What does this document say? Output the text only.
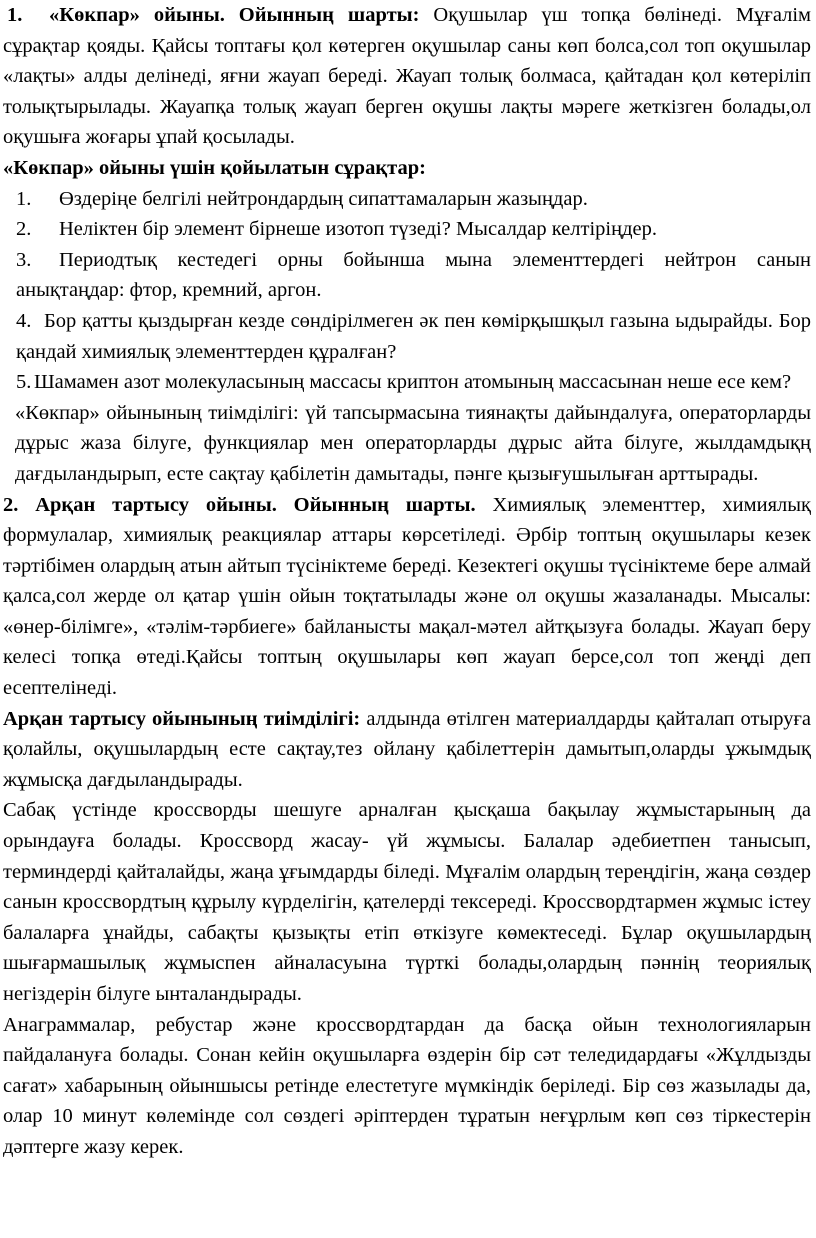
1. «Көкпар» ойыны. Ойынның шарты: Оқушылар үш топқа бөлінеді. Мұғалім сұрақтар қояды. Қайсы топтағы қол көтерген оқушылар саны көп болса,сол топ оқушылар «лақты» алды делінеді, яғни жауап береді. Жауап толық болмаса, қайтадан қол көтеріліп толықтырылады. Жауапқа толық жауап берген оқушы лақты мәреге жеткізген болады,ол оқушыға жоғары ұпай қосылады.

«Көкпар» ойыны үшін қойылатын сұрақтар:

1. Өздеріңе белгілі нейтрондардың сипаттамаларын жазыңдар.

2. Неліктен бір элемент бірнеше изотоп түзеді? Мысалдар келтіріңдер.

3. Периодтық кестедегі орны бойынша мына элементтердегі нейтрон санын анықтаңдар: фтор, кремний, аргон.

4. Бор қатты қыздырған кезде сөндірілмеген әк пен көмірқышқыл газына ыдырайды. Бор қандай химиялық элементтерден құралған?

5. Шамамен азот молекуласының массасы криптон атомының массасынан неше есе кем?

«Көкпар» ойынының тиімділігі: үй тапсырмасына тиянақты дайындалуға, операторларды дұрыс жаза білуге, функциялар мен операторларды дұрыс айта білуге, жылдамдықң дағдыландырып, есте сақтау қабілетін дамытады, пәнге қызығушылыған арттырады.

2. Арқан тартысу ойыны. Ойынның шарты. Химиялық элементтер, химиялық формулалар, химиялық реакциялар аттары көрсетіледі. Әрбір топтың оқушылары кезек тәртібімен олардың атын айтып түсініктеме береді. Кезектегі оқушы түсініктеме бере алмай қалса,сол жерде ол қатар үшін ойын тоқтатылады және ол оқушы жазаланады. Мысалы: «өнер-білімге», «тәлім-тәрбиеге» байланысты мақал-мәтел айтқызуға болады. Жауап беру келесі топқа өтеді.Қайсы топтың оқушылары көп жауап берсе,сол топ жеңді деп есептелінеді.

Арқан тартысу ойынының тиімділігі: алдында өтілген материалдарды қайталап отыруға қолайлы, оқушылардың есте сақтау,тез ойлану қабілеттерін дамытып,оларды ұжымдық жұмысқа дағдыландырады.

Сабақ үстінде кроссворды шешуге арналған қысқаша бақылау жұмыстарының да орындауға болады. Кроссворд жасау- үй жұмысы. Балалар әдебиетпен танысып, терминдерді қайталайды, жаңа ұғымдарды біледі. Мұғалім олардың тереңдігін, жаңа сөздер санын кроссвордтың құрылу күрделігін, қателерді тексереді. Кроссвордтармен жұмыс істеу балаларға ұнайды, сабақты қызықты етіп өткізуге көмектеседі. Бұлар оқушылардың шығармашылық жұмыспен айналасуына түрткі болады,олардың пәннің теориялық негіздерін білуге ынталандырады.

Анаграммалар, ребустар және кроссвордтардан да басқа ойын технологияларын пайдалануға болады. Сонан кейін оқушыларға өздерін бір сәт теледидардағы «Жұлдызды сағат» хабарының ойыншысы ретінде елестетуге мүмкіндік беріледі. Бір сөз жазылады да, олар 10 минут көлемінде сол сөздегі әріптерден тұратын неғұрлым көп сөз тіркестерін дәптерге жазу керек.
